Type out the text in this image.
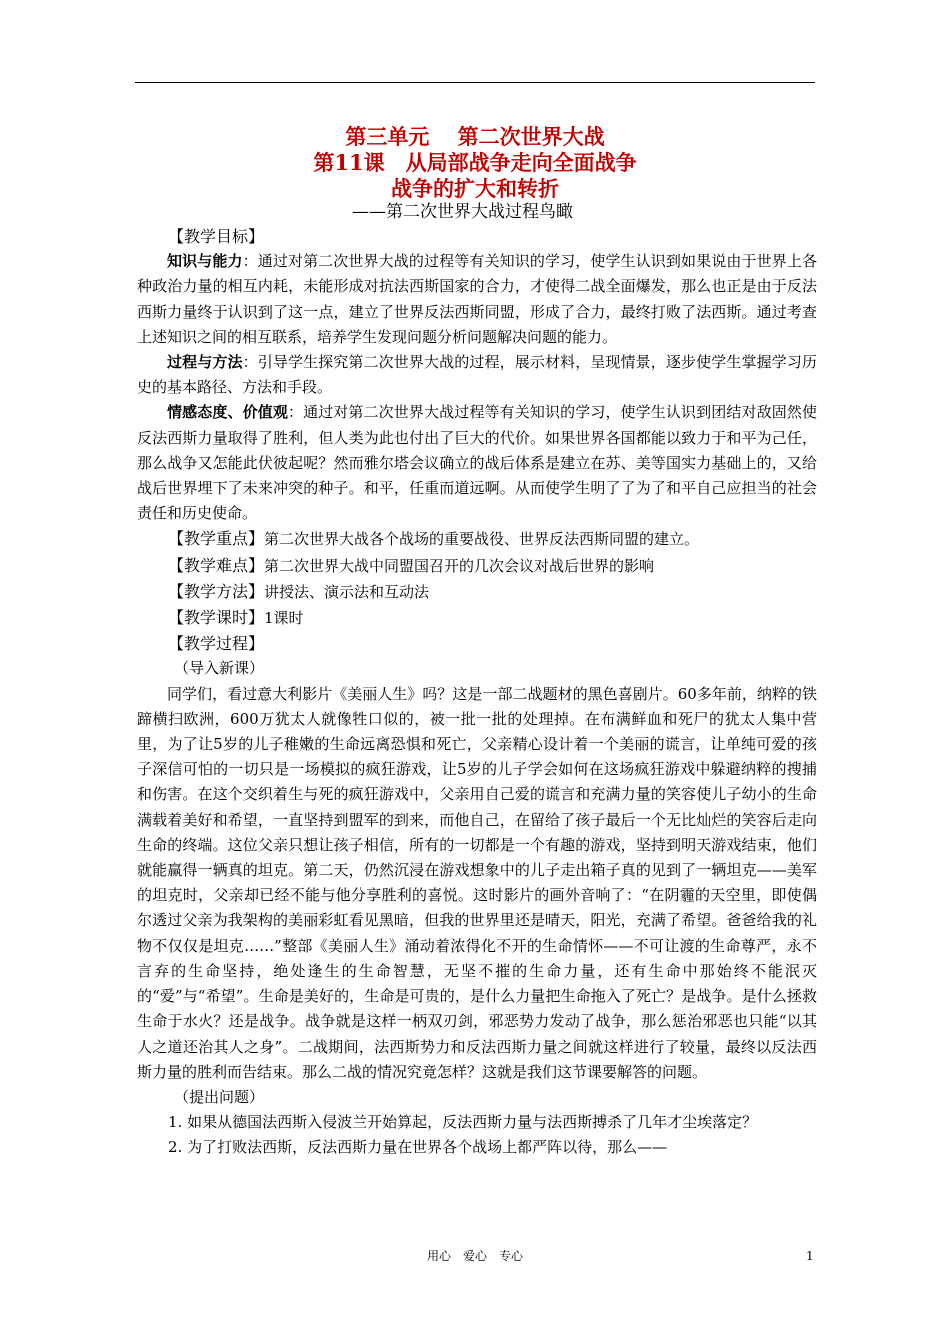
第三单元　 第二次世界大战
第11课　从局部战争走向全面战争
战争的扩大和转折
——第二次世界大战过程鸟瞰

【教学目标】

知识与能力：通过对第二次世界大战的过程等有关知识的学习，使学生认识到如果说由于世界上各种政治力量的相互内耗，未能形成对抗法西斯国家的合力，才使得二战全面爆发，那么也正是由于反法西斯力量终于认识到了这一点，建立了世界反法西斯同盟，形成了合力，最终打败了法西斯。通过考查上述知识之间的相互联系，培养学生发现问题分析问题解决问题的能力。

过程与方法：引导学生探究第二次世界大战的过程，展示材料，呈现情景，逐步使学生掌握学习历史的基本路径、方法和手段。

情感态度、价值观：通过对第二次世界大战过程等有关知识的学习，使学生认识到团结对敌固然使反法西斯力量取得了胜利，但人类为此也付出了巨大的代价。如果世界各国都能以致力于和平为己任，那么战争又怎能此伏彼起呢？然而雅尔塔会议确立的战后体系是建立在苏、美等国实力基础上的，又给战后世界埋下了未来冲突的种子。和平，任重而道远啊。从而使学生明了了为了和平自己应担当的社会责任和历史使命。

【教学重点】第二次世界大战各个战场的重要战役、世界反法西斯同盟的建立。

【教学难点】第二次世界大战中同盟国召开的几次会议对战后世界的影响

【教学方法】讲授法、演示法和互动法

【教学课时】1课时

【教学过程】

（导入新课）

同学们，看过意大利影片《美丽人生》吗？这是一部二战题材的黑色喜剧片。60多年前，纳粹的铁蹄横扫欧洲，600万犹太人就像牲口似的，被一批一批的处理掉。在布满鲜血和死尸的犹太人集中营里，为了让5岁的儿子稚嫩的生命远离恐惧和死亡，父亲精心设计着一个美丽的谎言，让单纯可爱的孩子深信可怕的一切只是一场模拟的疯狂游戏，让5岁的儿子学会如何在这场疯狂游戏中躲避纳粹的搜捕和伤害。在这个交织着生与死的疯狂游戏中，父亲用自己爱的谎言和充满力量的笑容使儿子幼小的生命满载着美好和希望，一直坚持到盟军的到来，而他自己，在留给了孩子最后一个无比灿烂的笑容后走向生命的终端。这位父亲只想让孩子相信，所有的一切都是一个有趣的游戏，坚持到明天游戏结束，他们就能赢得一辆真的坦克。第二天，仍然沉浸在游戏想象中的儿子走出箱子真的见到了一辆坦克——美军的坦克时，父亲却已经不能与他分享胜利的喜悦。这时影片的画外音响了：“在阴霾的天空里，即使偶尔透过父亲为我架构的美丽彩虹看见黑暗，但我的世界里还是晴天，阳光，充满了希望。爸爸给我的礼物不仅仅是坦克……”整部《美丽人生》涌动着浓得化不开的生命情怀——不可让渡的生命尊严，永不言弃的生命坚持，绝处逢生的生命智慧，无坚不摧的生命力量，还有生命中那始终不能泯灭的“爱”与“希望”。生命是美好的，生命是可贵的，是什么力量把生命拖入了死亡？是战争。是什么拯救生命于水火？还是战争。战争就是这样一柄双刃剑，邪恶势力发动了战争，那么惩治邪恶也只能“以其人之道还治其人之身”。二战期间，法西斯势力和反法西斯力量之间就这样进行了较量，最终以反法西斯力量的胜利而告结束。那么二战的情况究竟怎样？这就是我们这节课要解答的问题。

（提出问题）

1. 如果从德国法西斯入侵波兰开始算起，反法西斯力量与法西斯搏杀了几年才尘埃落定？

2. 为了打败法西斯，反法西斯力量在世界各个战场上都严阵以待，那么——

用心　爱心　专心	1
